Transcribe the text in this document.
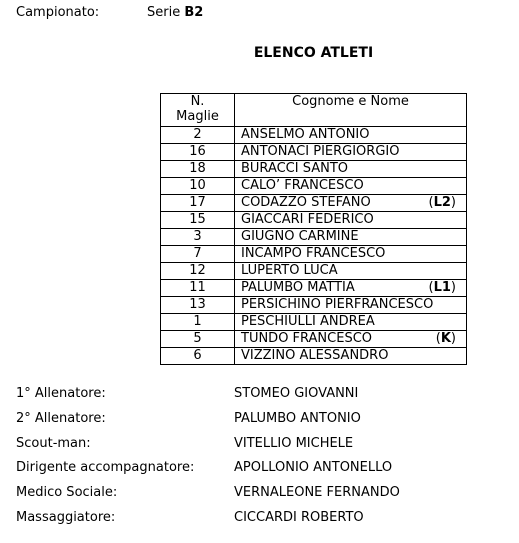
Campionato:	Serie B2
ELENCO ATLETI
N.
Maglie	Cognome e Nome
2	ANSELMO ANTONIO
16	ANTONACI PIERGIORGIO
18	BURACCI SANTO
10	CALO’ FRANCESCO
17	CODAZZO STEFANO (L2)

15	GIACCARI FEDERICO
3	GIUGNO CARMINE
7	INCAMPO FRANCESCO
12	LUPERTO LUCA
11	PALUMBO MATTIA (L1)

13	PERSICHINO PIERFRANCESCO
1	PESCHIULLI ANDREA
5	TUNDO FRANCESCO (K)

6	VIZZINO ALESSANDRO
1° Allenatore:	STOMEO GIOVANNI
2° Allenatore:	PALUMBO ANTONIO
Scout-man:	VITELLIO MICHELE
Dirigente accompagnatore:	APOLLONIO ANTONELLO
Medico Sociale:	VERNALEONE FERNANDO
Massaggiatore:	CICCARDI ROBERTO
